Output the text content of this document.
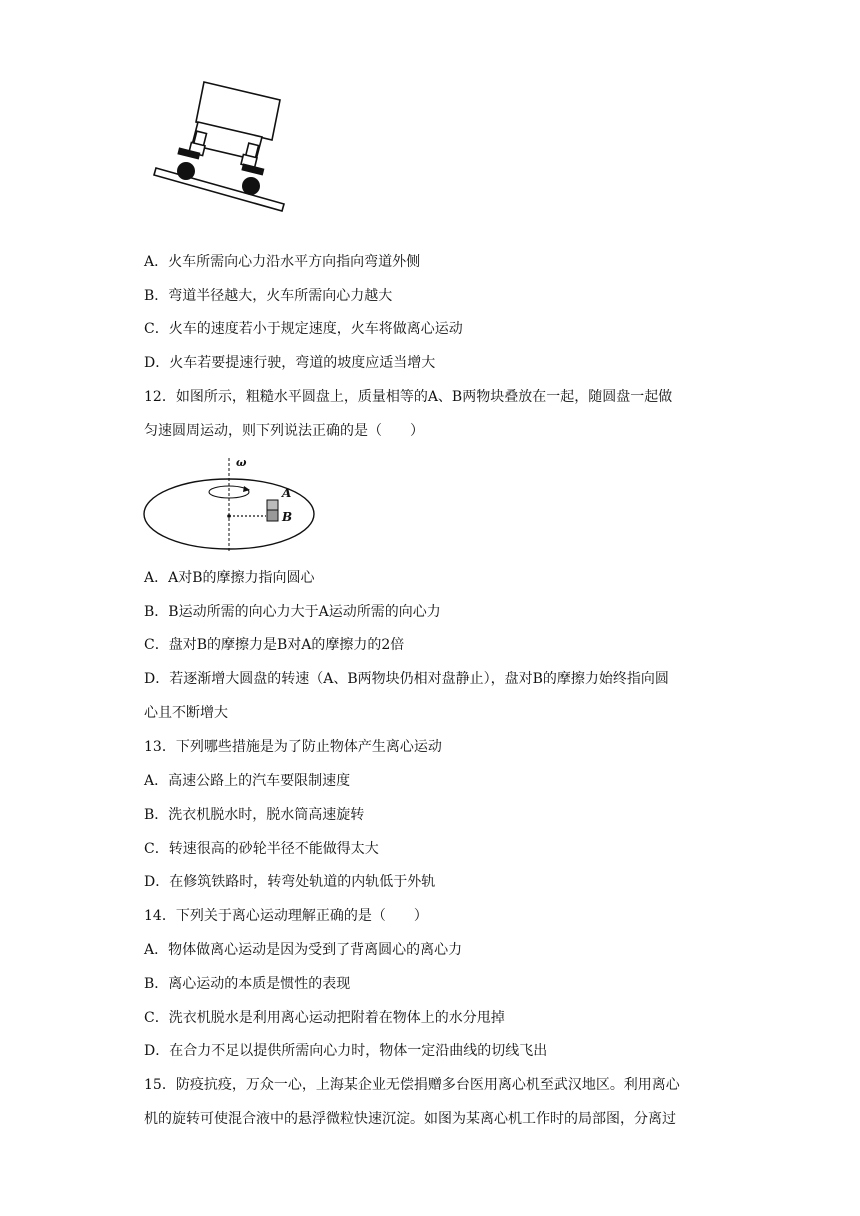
A．火车所需向心力沿水平方向指向弯道外侧
B．弯道半径越大，火车所需向心力越大
C．火车的速度若小于规定速度，火车将做离心运动
D．火车若要提速行驶，弯道的坡度应适当增大
12．如图所示，粗糙水平圆盘上，质量相等的A、B两物块叠放在一起，随圆盘一起做
匀速圆周运动，则下列说法正确的是（　　）
ω
A
B
A．A对B的摩擦力指向圆心
B．B运动所需的向心力大于A运动所需的向心力
C．盘对B的摩擦力是B对A的摩擦力的2倍
D．若逐渐增大圆盘的转速（A、B两物块仍相对盘静止），盘对B的摩擦力始终指向圆
心且不断增大
13．下列哪些措施是为了防止物体产生离心运动
A．高速公路上的汽车要限制速度
B．洗衣机脱水时，脱水筒高速旋转
C．转速很高的砂轮半径不能做得太大
D．在修筑铁路时，转弯处轨道的内轨低于外轨
14．下列关于离心运动理解正确的是（　　）
A．物体做离心运动是因为受到了背离圆心的离心力
B．离心运动的本质是惯性的表现
C．洗衣机脱水是利用离心运动把附着在物体上的水分甩掉
D．在合力不足以提供所需向心力时，物体一定沿曲线的切线飞出
15．防疫抗疫，万众一心，上海某企业无偿捐赠多台医用离心机至武汉地区。利用离心
机的旋转可使混合液中的悬浮微粒快速沉淀。如图为某离心机工作时的局部图，分离过
